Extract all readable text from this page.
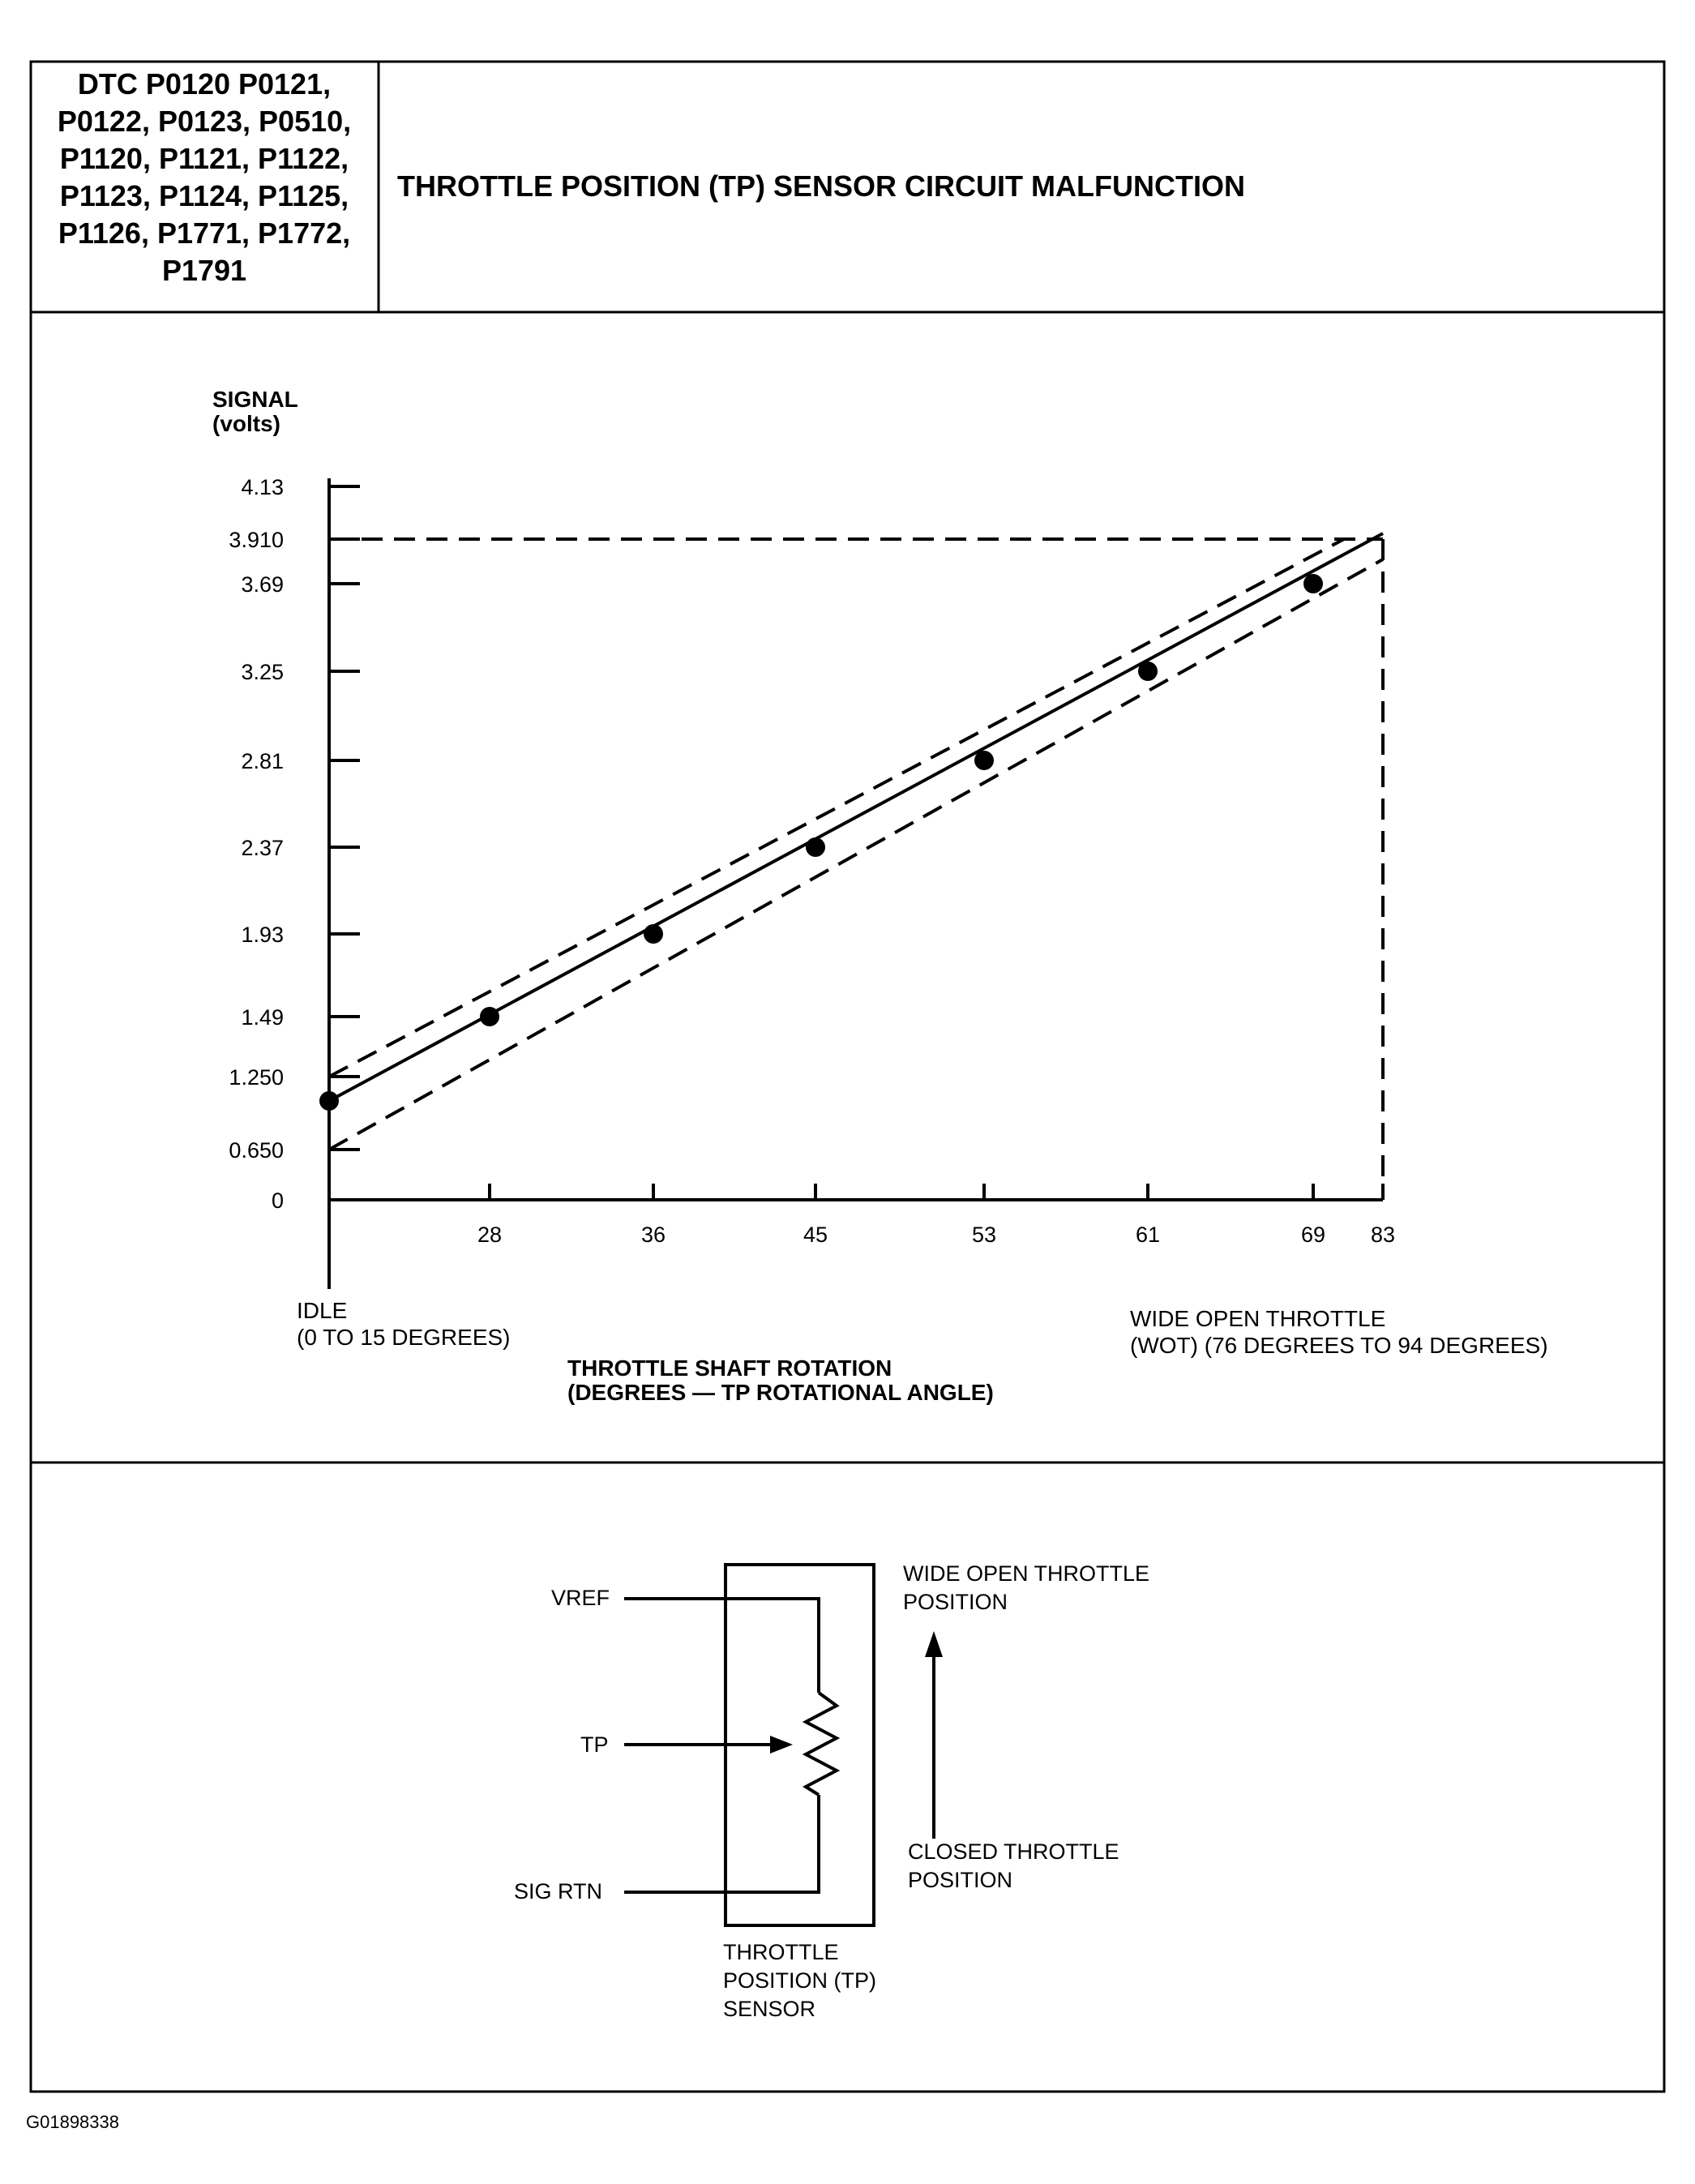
DTC P0120 P0121,
P0122, P0123, P0510,
P1120, P1121, P1122,
P1123, P1124, P1125,
P1126, P1771, P1772,
P1791
THROTTLE POSITION (TP) SENSOR CIRCUIT MALFUNCTION
SIGNAL
(volts)
4.13
3.910
3.69
3.25
2.81
2.37
1.93
1.49
1.250
0.650
0
28	36	45	53	61	69 83
IDLE
(0 TO 15 DEGREES)
WIDE OPEN THROTTLE
(WOT) (76 DEGREES TO 94 DEGREES)
THROTTLE SHAFT ROTATION
(DEGREES — TP ROTATIONAL ANGLE)
VREF
SIG RTN
TP
THROTTLE
POSITION (TP)
SENSOR
WIDE OPEN THROTTLE
POSITION
CLOSED THROTTLE
POSITION
G01898338
